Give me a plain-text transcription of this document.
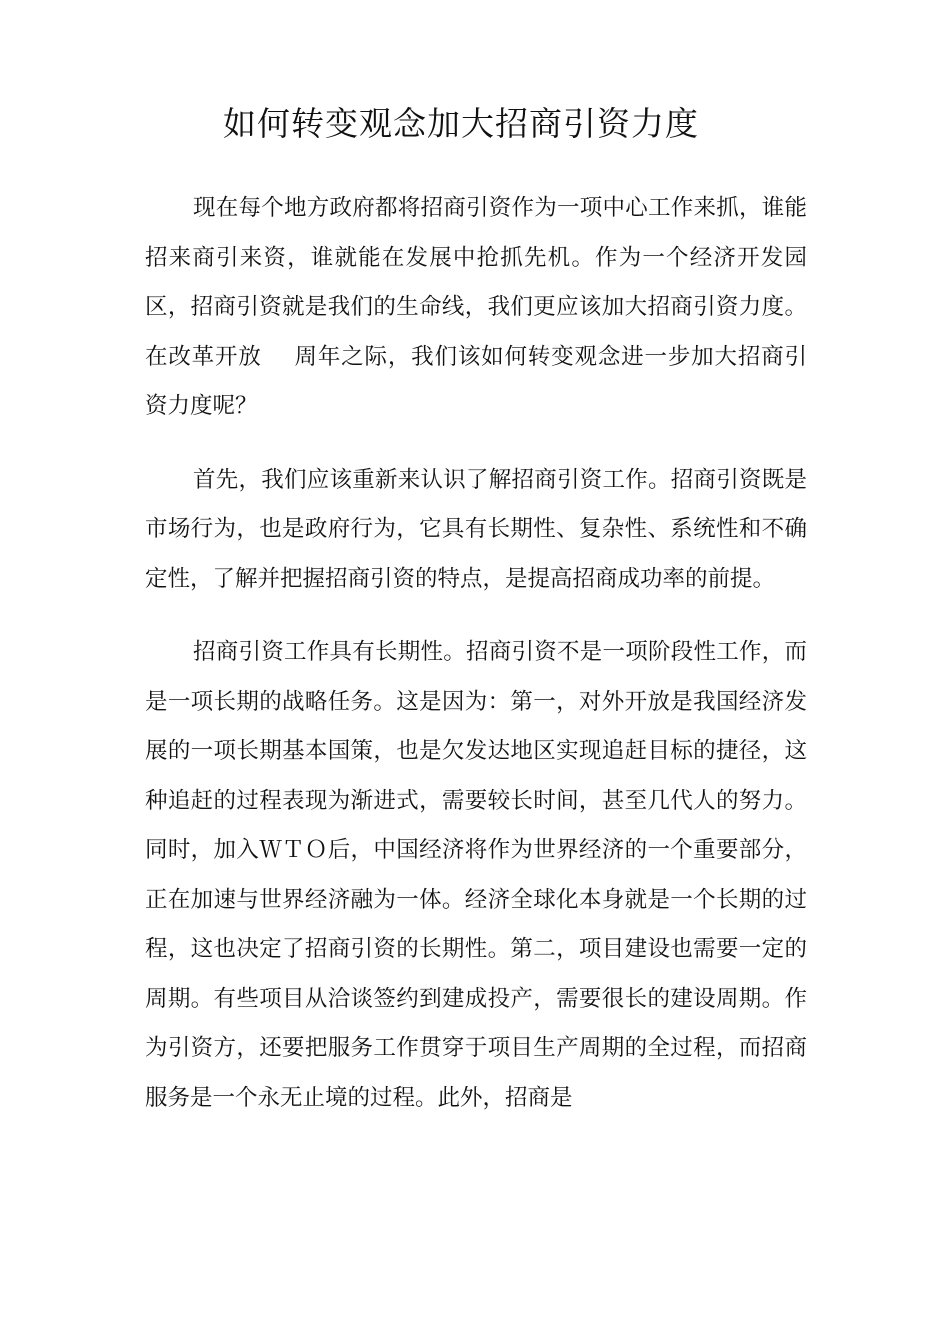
如何转变观念加大招商引资力度

现在每个地方政府都将招商引资作为一项中心工作来抓，谁能招来商引来资，谁就能在发展中抢抓先机。作为一个经济开发园区，招商引资就是我们的生命线，我们更应该加大招商引资力度。在改革开放 周年之际，我们该如何转变观念进一步加大招商引资力度呢？

首先，我们应该重新来认识了解招商引资工作。招商引资既是市场行为，也是政府行为，它具有长期性、复杂性、系统性和不确定性，了解并把握招商引资的特点，是提高招商成功率的前提。

招商引资工作具有长期性。招商引资不是一项阶段性工作，而是一项长期的战略任务。这是因为：第一，对外开放是我国经济发展的一项长期基本国策，也是欠发达地区实现追赶目标的捷径，这种追赶的过程表现为渐进式，需要较长时间，甚至几代人的努力。同时，加入ＷＴＯ后，中国经济将作为世界经济的一个重要部分，正在加速与世界经济融为一体。经济全球化本身就是一个长期的过程，这也决定了招商引资的长期性。第二，项目建设也需要一定的周期。有些项目从洽谈签约到建成投产，需要很长的建设周期。作为引资方，还要把服务工作贯穿于项目生产周期的全过程，而招商服务是一个永无止境的过程。此外，招商是
